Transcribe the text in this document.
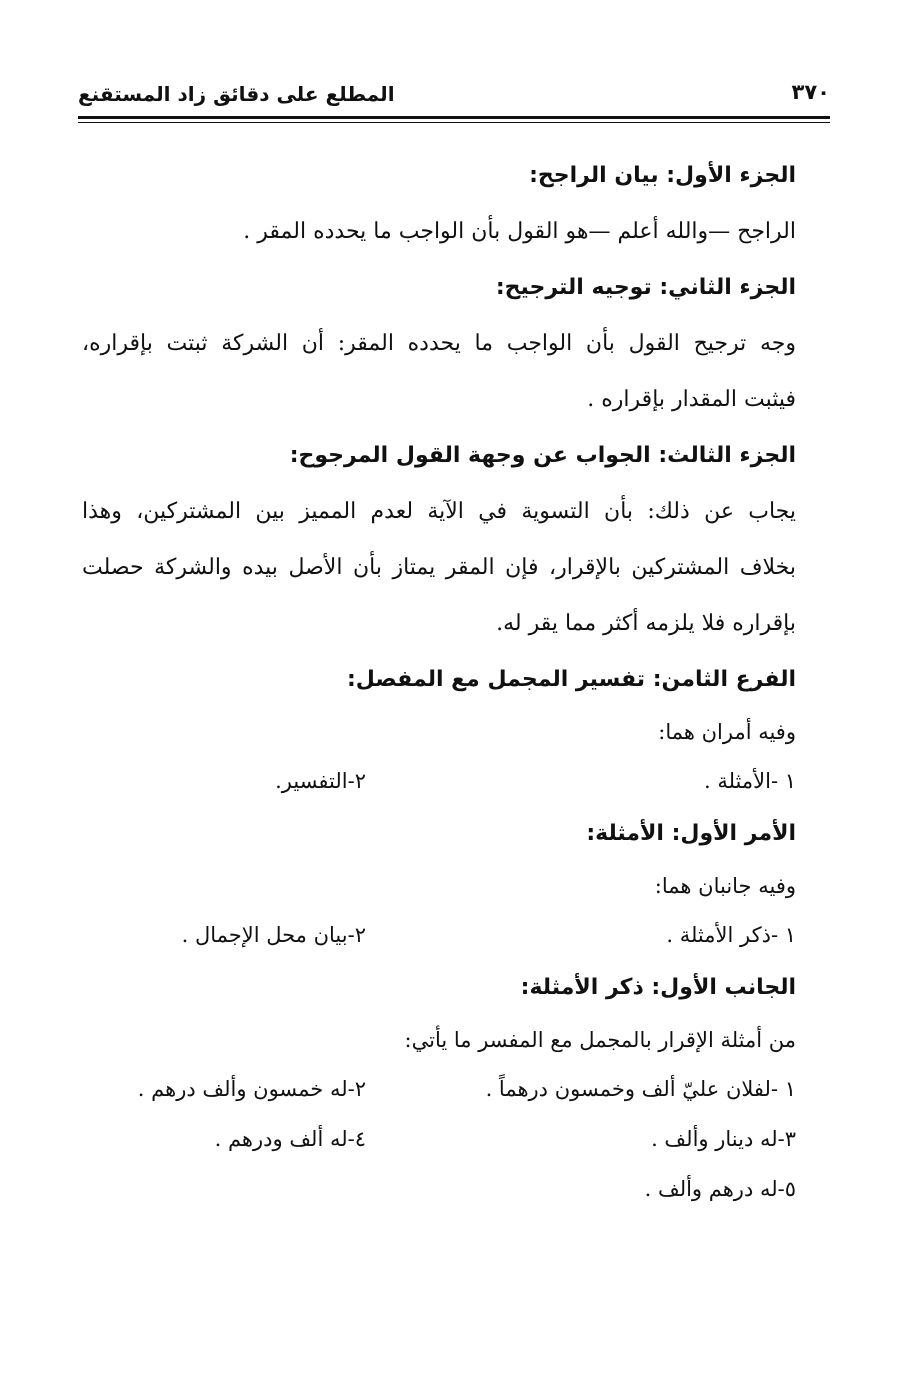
المطلع على دقائق زاد المستقنع	٣٧٠
الجزء الأول: بيان الراجح:
الراجح —والله أعلم —هو القول بأن الواجب ما يحدده المقر .
الجزء الثاني: توجيه الترجيح:
وجه ترجيح القول بأن الواجب ما يحدده المقر: أن الشركة ثبتت بإقراره،
فيثبت المقدار بإقراره .
الجزء الثالث: الجواب عن وجهة القول المرجوح:
يجاب عن ذلك: بأن التسوية في الآية لعدم المميز بين المشتركين، وهذا
بخلاف المشتركين بالإقرار، فإن المقر يمتاز بأن الأصل بيده والشركة حصلت
بإقراره فلا يلزمه أكثر مما يقر له.
الفرع الثامن: تفسير المجمل مع المفصل:
وفيه أمران هما:
١ -الأمثلة .
٢-التفسير.
الأمر الأول: الأمثلة:
وفيه جانبان هما:
١ -ذكر الأمثلة .
٢-بيان محل الإجمال .
الجانب الأول: ذكر الأمثلة:
من أمثلة الإقرار بالمجمل مع المفسر ما يأتي:
١ -لفلان عليّ ألف وخمسون درهماً .
٢-له خمسون وألف درهم .
٣-له دينار وألف .
٤-له ألف ودرهم .
٥-له درهم وألف .
